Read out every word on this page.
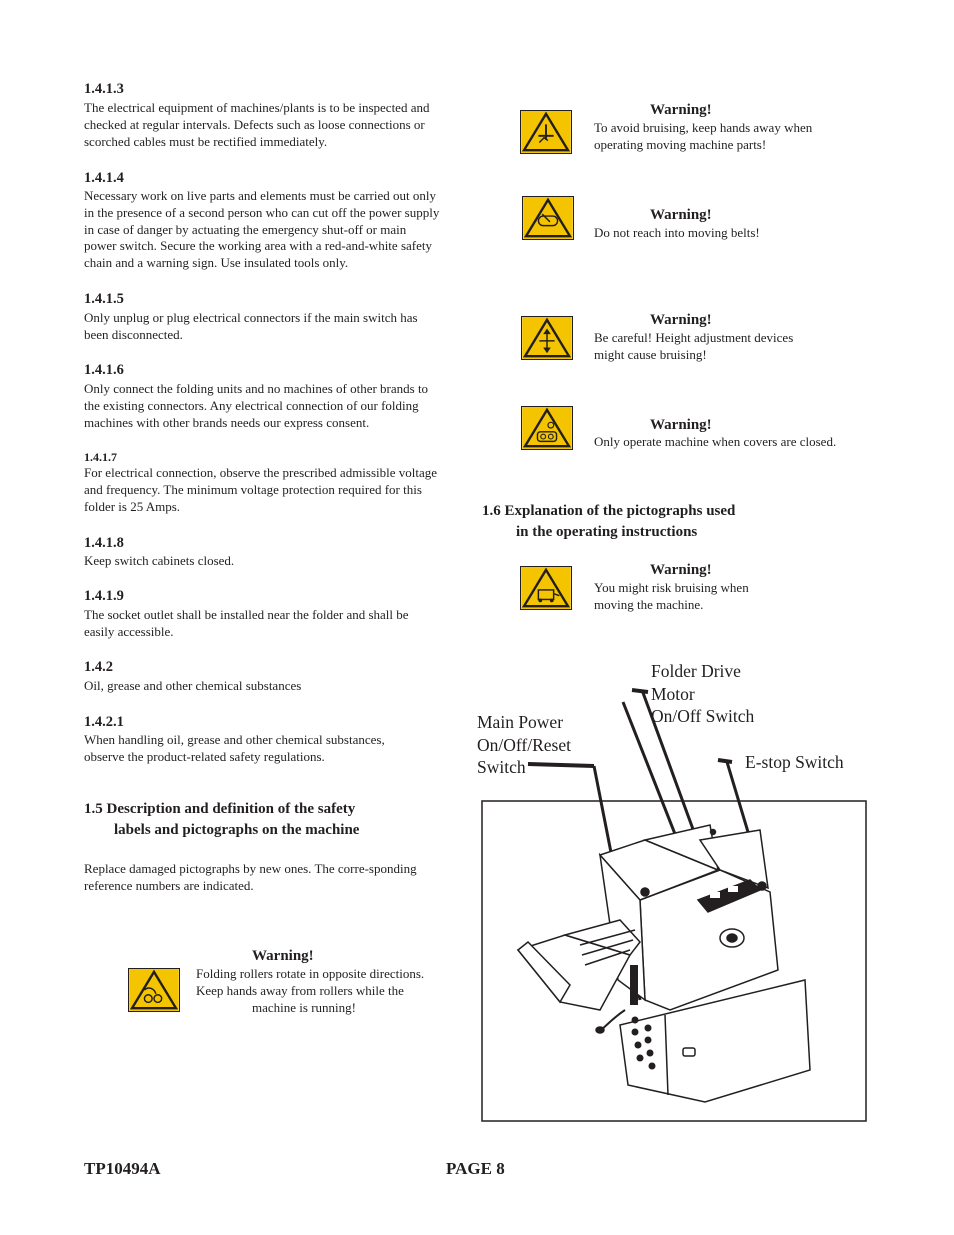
1.4.1.3
The electrical equipment of machines/plants is to be inspected and
checked at regular intervals. Defects such as loose connections or
scorched cables must be rectified immediately.
1.4.1.4
Necessary work on live parts and elements must be carried out only
in the presence of a second person who can cut off the power supply
in case of danger by actuating the emergency shut-off or main
power switch. Secure the working area with a red-and-white safety
chain and a warning sign. Use insulated tools only.
1.4.1.5
Only unplug or plug electrical connectors if the main switch has
been disconnected.
1.4.1.6
Only connect the folding units and no machines of other brands to
the existing connectors. Any electrical connection of our folding
machines with other brands needs our express consent.
1.4.1.7
For electrical connection, observe the prescribed admissible voltage
and frequency. The minimum voltage protection required for this
folder is 25 Amps.
1.4.1.8
Keep switch cabinets closed.
1.4.1.9
The socket outlet shall be installed near the folder and shall be
easily accessible.
1.4.2
Oil, grease and other chemical substances
1.4.2.1
When handling oil, grease and other chemical substances,
observe the product-related safety regulations.
1.5 Description and definition of the safety
labels and pictographs on the machine
Replace damaged pictographs by new ones. The corre-sponding
reference numbers are indicated.
Warning!
Folding rollers rotate in opposite directions.
Keep hands away from rollers while the
machine is running!
Warning!
To avoid bruising, keep hands away when
operating moving machine parts!
Warning!
Do not reach into moving belts!
Warning!
Be careful! Height adjustment devices
might cause bruising!
Warning!
Only operate machine when covers are closed.
1.6 Explanation of the pictographs used
in the operating instructions
Warning!
You might risk bruising when
moving the machine.
Folder Drive
Motor
On/Off Switch
Main Power
On/Off/Reset
Switch	E-stop Switch
TP10494A	PAGE 8
